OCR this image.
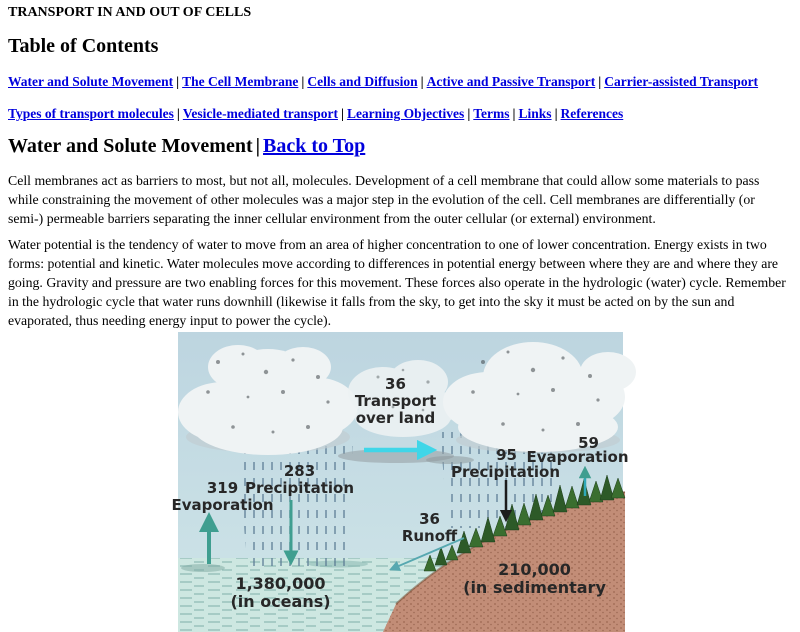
TRANSPORT IN AND OUT OF CELLS
Table of Contents

Water and Solute Movement | The Cell Membrane | Cells and Diffusion | Active and Passive Transport | Carrier-assisted Transport

Types of transport molecules | Vesicle-mediated transport | Learning Objectives | Terms | Links | References

Water and Solute Movement | Back to Top

Cell membranes act as barriers to most, but not all, molecules. Development of a cell membrane that could allow some materials to pass while constraining the movement of other molecules was a major step in the evolution of the cell. Cell membranes are differentially (or semi-) permeable barriers separating the inner cellular environment from the outer cellular (or external) environment.

Water potential is the tendency of water to move from an area of higher concentration to one of lower concentration. Energy exists in two forms: potential and kinetic. Water molecules move according to differences in potential energy between where they are and where they are going. Gravity and pressure are two enabling forces for this movement. These forces also operate in the hydrologic (water) cycle. Remember in the hydrologic cycle that water runs downhill (likewise it falls from the sky, to get into the sky it must be acted on by the sun and evaporated, thus needing energy input to power the cycle).

36
Transport
over land
283
Precipitation
319
Evaporation
59
95 Evaporation
Precipitation
36
Runoff
1,380,000
(in oceans)
210,000
(in sedimentary
